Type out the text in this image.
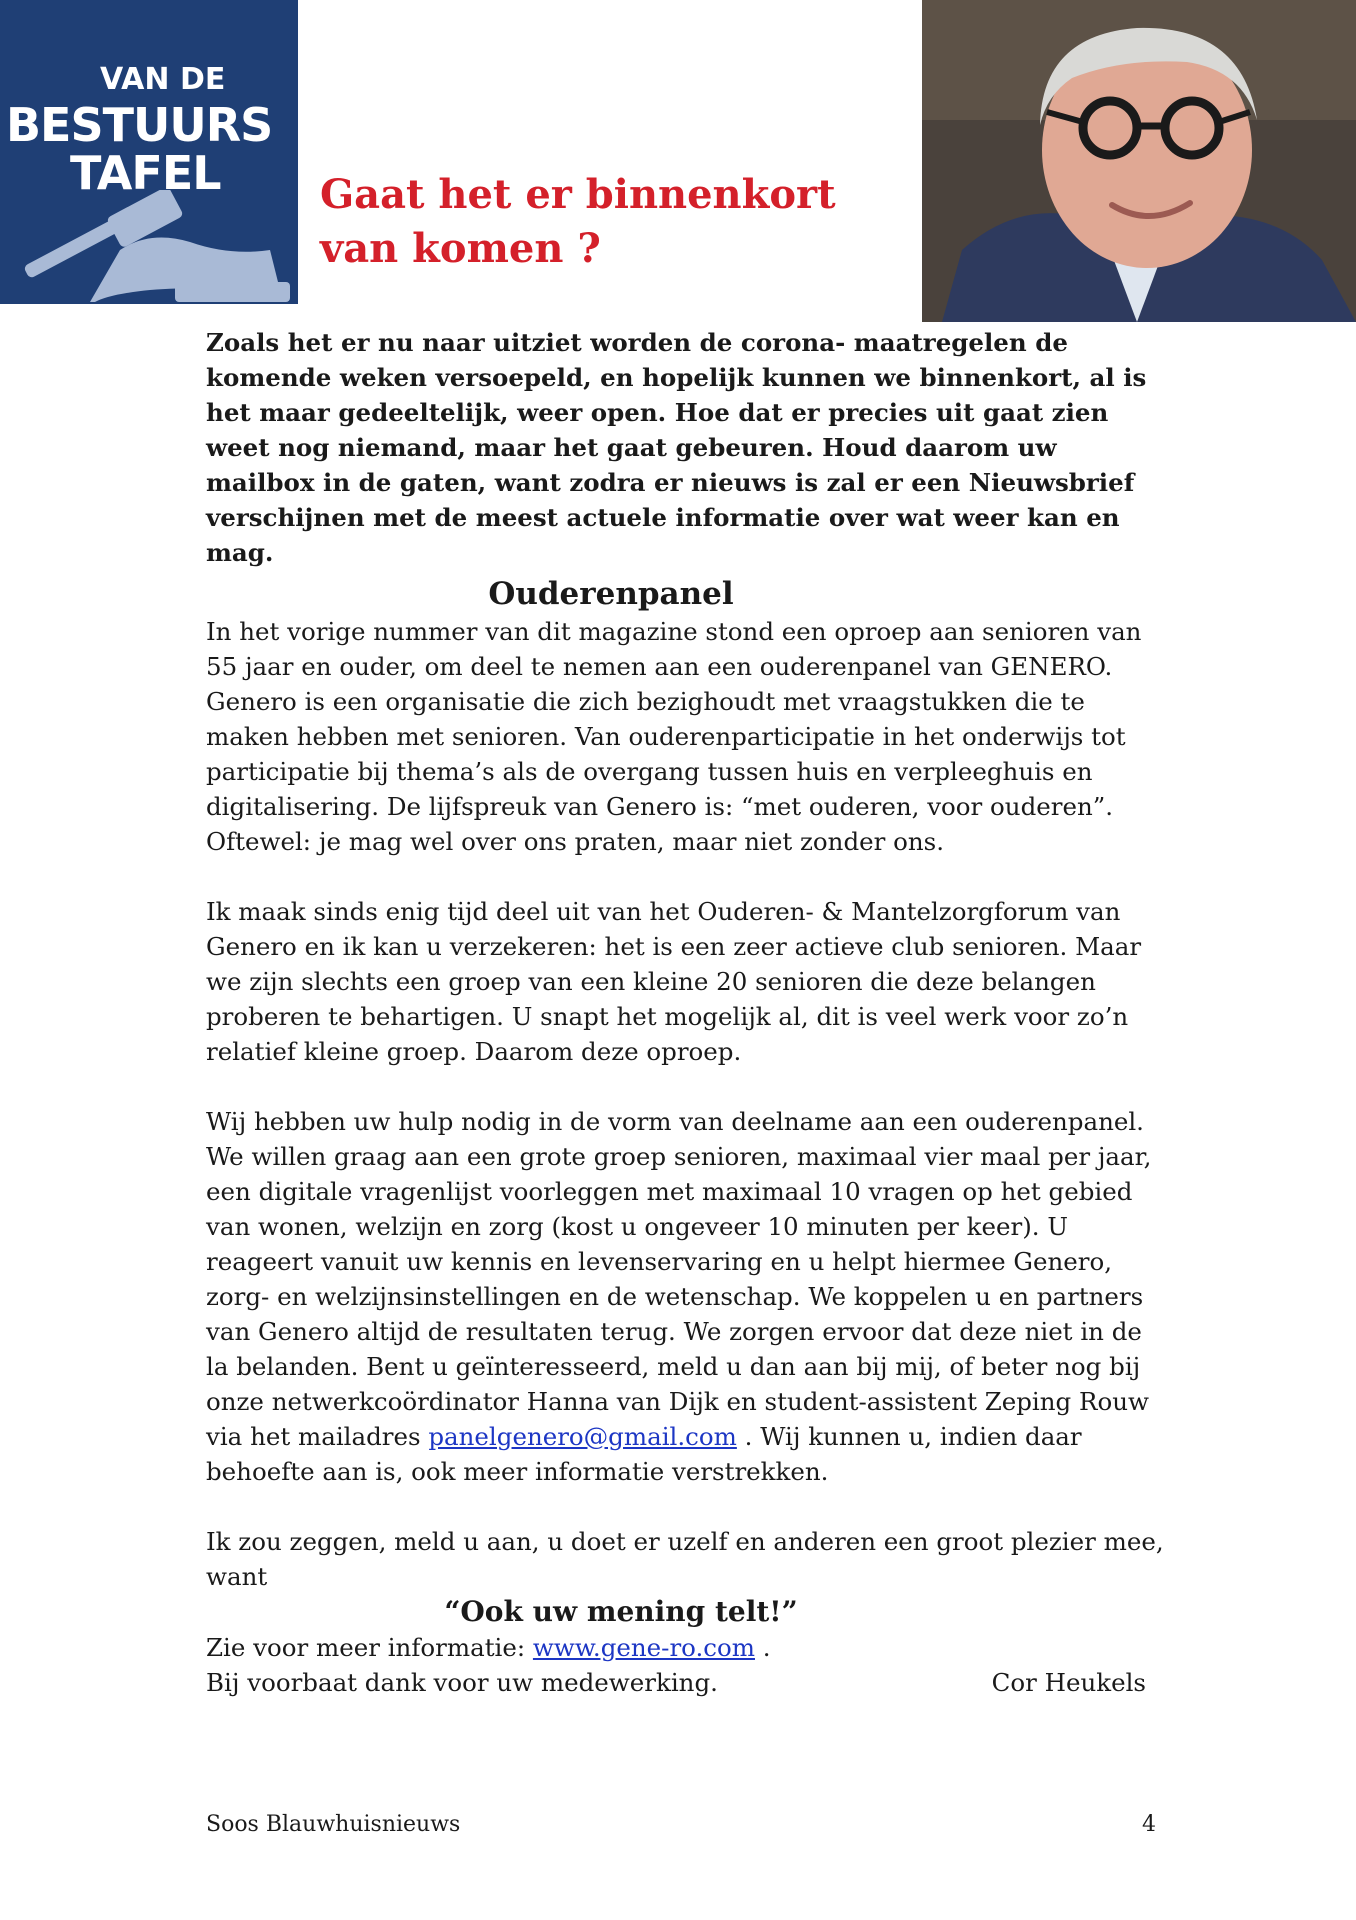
VAN DE
BESTUURS
TAFEL Gaat het er binnenkort van komen ?

Zoals het er nu naar uitziet worden de corona- maatregelen de komende weken versoepeld, en hopelijk kunnen we binnenkort, al is het maar gedeeltelijk, weer open. Hoe dat er precies uit gaat zien weet nog niemand, maar het gaat gebeuren. Houd daarom uw mailbox in de gaten, want zodra er nieuws is zal er een Nieuwsbrief verschijnen met de meest actuele informatie over wat weer kan en mag.

Ouderenpanel

In het vorige nummer van dit magazine stond een oproep aan senioren van 55 jaar en ouder, om deel te nemen aan een ouderenpanel van GENERO. Genero is een organisatie die zich bezighoudt met vraagstukken die te maken hebben met senioren. Van ouderenparticipatie in het onderwijs tot participatie bij thema’s als de overgang tussen huis en verpleeghuis en digitalisering. De lijfspreuk van Genero is: “met ouderen, voor ouderen”. Oftewel: je mag wel over ons praten, maar niet zonder ons.

Ik maak sinds enig tijd deel uit van het Ouderen- & Mantelzorgforum van Genero en ik kan u verzekeren: het is een zeer actieve club senioren. Maar we zijn slechts een groep van een kleine 20 senioren die deze belangen proberen te behartigen. U snapt het mogelijk al, dit is veel werk voor zo’n relatief kleine groep. Daarom deze oproep.

Wij hebben uw hulp nodig in de vorm van deelname aan een ouderenpanel. We willen graag aan een grote groep senioren, maximaal vier maal per jaar, een digitale vragenlijst voorleggen met maximaal 10 vragen op het gebied van wonen, welzijn en zorg (kost u ongeveer 10 minuten per keer). U reageert vanuit uw kennis en levenservaring en u helpt hiermee Genero, zorg- en welzijnsinstellingen en de wetenschap. We koppelen u en partners van Genero altijd de resultaten terug. We zorgen ervoor dat deze niet in de la belanden. Bent u geïnteresseerd, meld u dan aan bij mij, of beter nog bij onze netwerkcoördinator Hanna van Dijk en student-assistent Zeping Rouw via het mailadres panelgenero@gmail.com . Wij kunnen u, indien daar behoefte aan is, ook meer informatie verstrekken.

Ik zou zeggen, meld u aan, u doet er uzelf en anderen een groot plezier mee, want

“Ook uw mening telt!”

Zie voor meer informatie: www.gene-ro.com .

Bij voorbaat dank voor uw medewerking.	Cor Heukels
Soos Blauwhuisnieuws	4
